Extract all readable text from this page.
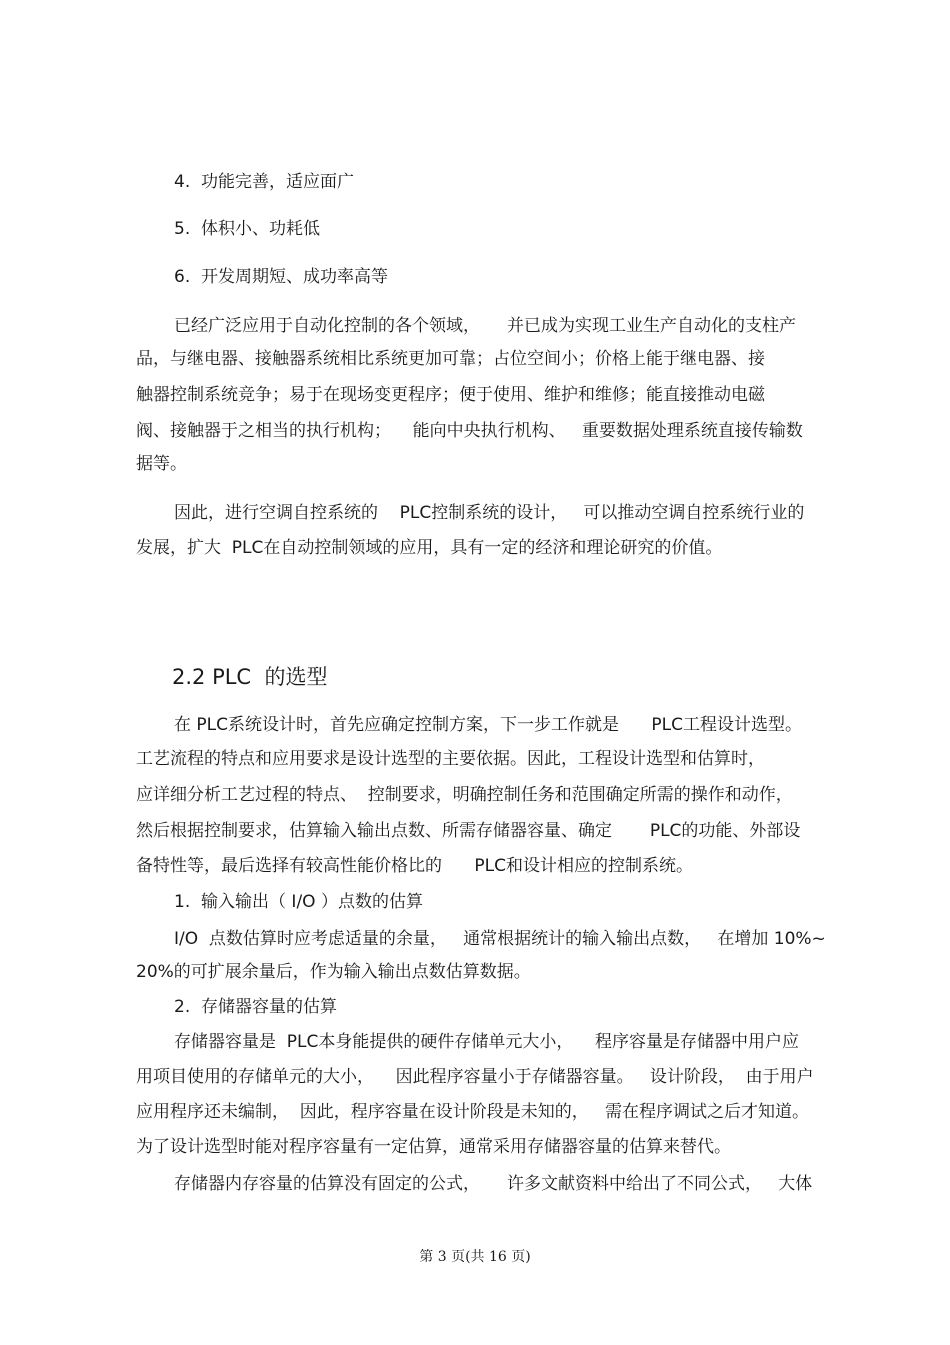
4.  功能完善，适应面广
5.  体积小、功耗低
6.  开发周期短、成功率高等
已经广泛应用于自动化控制的各个领域，     并已成为实现工业生产自动化的支柱产
品，与继电器、接触器系统相比系统更加可靠；占位空间小；价格上能于继电器、接
触器控制系统竞争；易于在现场变更程序；便于使用、维护和维修；能直接推动电磁
阀、接触器于之相当的执行机构；    能向中央执行机构、   重要数据处理系统直接传输数
据等。
因此，进行空调自控系统的    PLC控制系统的设计，   可以推动空调自控系统行业的
发展，扩大  PLC在自动控制领域的应用，具有一定的经济和理论研究的价值。
2.2 PLC  的选型
在 PLC系统设计时，首先应确定控制方案，下一步工作就是      PLC工程设计选型。
工艺流程的特点和应用要求是设计选型的主要依据。因此，工程设计选型和估算时，
应详细分析工艺过程的特点、  控制要求，明确控制任务和范围确定所需的操作和动作，
然后根据控制要求，估算输入输出点数、所需存储器容量、确定       PLC的功能、外部设
备特性等，最后选择有较高性能价格比的      PLC和设计相应的控制系统。
1.  输入输出（ I/O ）点数的估算
I/O  点数估算时应考虑适量的余量，   通常根据统计的输入输出点数，   在增加 10%~
20%的可扩展余量后，作为输入输出点数估算数据。
2.  存储器容量的估算
存储器容量是  PLC本身能提供的硬件存储单元大小，    程序容量是存储器中用户应
用项目使用的存储单元的大小，    因此程序容量小于存储器容量。   设计阶段，  由于用户
应用程序还未编制，  因此，程序容量在设计阶段是未知的，   需在程序调试之后才知道。
为了设计选型时能对程序容量有一定估算，通常采用存储器容量的估算来替代。
存储器内存容量的估算没有固定的公式，     许多文献资料中给出了不同公式，   大体
第 3 页(共 16 页)
